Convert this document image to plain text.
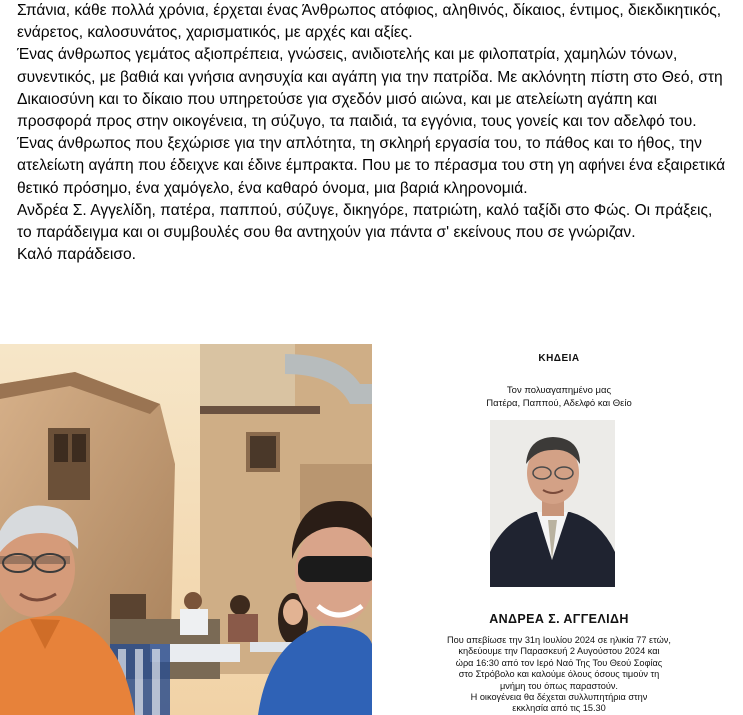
Σπάνια, κάθε πολλά χρόνια, έρχεται ένας Άνθρωπος ατόφιος, αληθινός, δίκαιος, έντιμος, διεκδικητικός, ενάρετος, καλοσυνάτος, χαρισματικός, με αρχές και αξίες.

Ένας άνθρωπος γεμάτος αξιοπρέπεια, γνώσεις, ανιδιοτελής και με φιλοπατρία, χαμηλών τόνων, συνεντικός, με βαθιά και γνήσια ανησυχία και αγάπη για την πατρίδα. Με ακλόνητη πίστη στο Θεό, στη Δικαιοσύνη και το δίκαιο που υπηρετούσε για σχεδόν μισό αιώνα, και με ατελείωτη αγάπη και προσφορά προς στην οικογένεια, τη σύζυγο, τα παιδιά, τα εγγόνια, τους γονείς και τον αδελφό του.

Ένας άνθρωπος που ξεχώρισε για την απλότητα, τη σκληρή εργασία του, το πάθος και το ήθος, την ατελείωτη αγάπη που έδειχνε και έδινε έμπρακτα. Που με το πέρασμα του στη γη αφήνει ένα εξαιρετικά θετικό πρόσημο, ένα χαμόγελο, ένα καθαρό όνομα, μια βαριά κληρονομιά.

Ανδρέα Σ. Αγγελίδη, πατέρα, παππού, σύζυγε, δικηγόρε, πατριώτη, καλό ταξίδι στο Φώς. Οι πράξεις, το παράδειγμα και οι συμβουλές σου θα αντηχούν για πάντα σ' εκείνους που σε γνώριζαν.

Καλό παράδεισο.

ΚΗΔΕΙΑ
Τον πολυαγαπημένο μας
Πατέρα, Παππού, Αδελφό και Θείο
ΑΝΔΡΕΑ Σ. ΑΓΓΕΛΙΔΗ

Που απεβίωσε την 31η Ιουλίου 2024 σε ηλικία 77 ετών,

κηδεύουμε την Παρασκευή 2 Αυγούστου 2024 και

ώρα 16:30 από τον Ιερό Ναό Της Του Θεού Σοφίας

στο Στρόβολο και καλούμε όλους όσους τιμούν τη

μνήμη του όπως παραστούν.

Η οικογένεια θα δέχεται συλλυπητήρια στην

εκκλησία από τις 15.30
